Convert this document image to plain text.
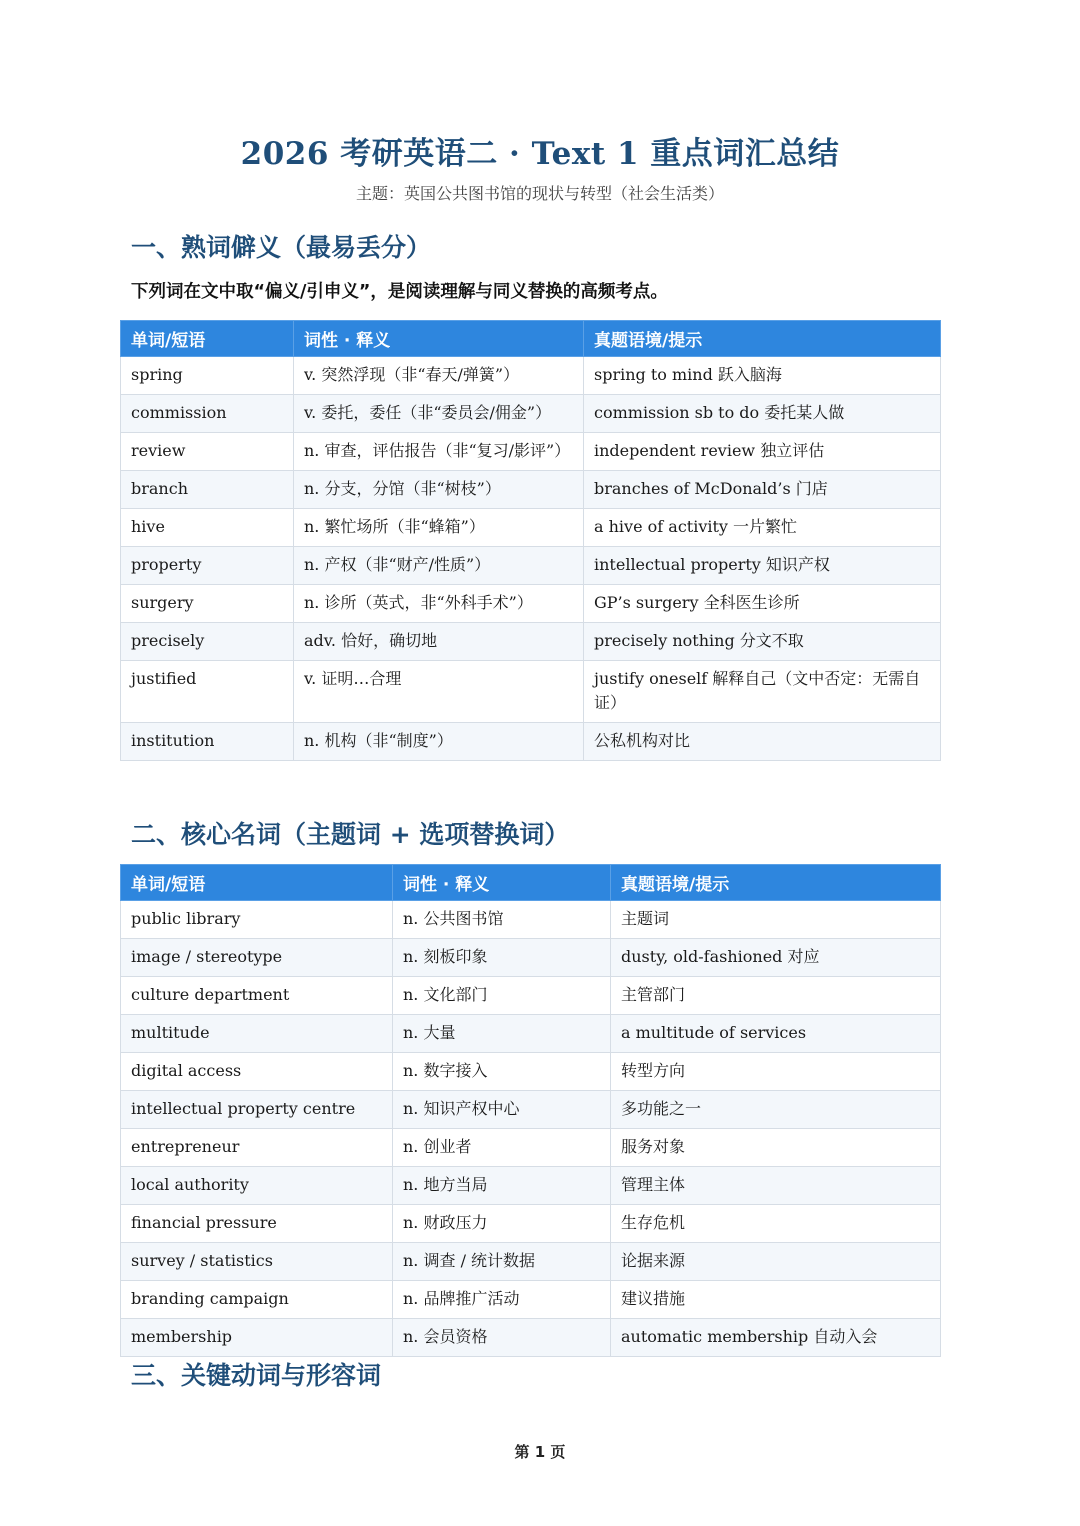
2026 考研英语二 · Text 1 重点词汇总结
主题：英国公共图书馆的现状与转型（社会生活类）
一、熟词僻义（最易丢分）
下列词在文中取“偏义/引申义”，是阅读理解与同义替换的高频考点。
单词/短语	词性 · 释义	真题语境/提示
spring	v. 突然浮现（非“春天/弹簧”）	spring to mind 跃入脑海
commission	v. 委托，委任（非“委员会/佣金”）	commission sb to do 委托某人做
review	n. 审查，评估报告（非“复习/影评”）	independent review 独立评估
branch	n. 分支，分馆（非“树枝”）	branches of McDonald’s 门店
hive	n. 繁忙场所（非“蜂箱”）	a hive of activity 一片繁忙
property	n. 产权（非“财产/性质”）	intellectual property 知识产权
surgery	n. 诊所（英式，非“外科手术”）	GP’s surgery 全科医生诊所
precisely	adv. 恰好，确切地	precisely nothing 分文不取
justified	v. 证明…合理	justify oneself 解释自己（文中否定：无需自证）
institution	n. 机构（非“制度”）	公私机构对比
二、核心名词（主题词 + 选项替换词）
单词/短语	词性 · 释义	真题语境/提示
public library	n. 公共图书馆	主题词
image / stereotype	n. 刻板印象	dusty, old-fashioned 对应
culture department	n. 文化部门	主管部门
multitude	n. 大量	a multitude of services
digital access	n. 数字接入	转型方向
intellectual property centre	n. 知识产权中心	多功能之一
entrepreneur	n. 创业者	服务对象
local authority	n. 地方当局	管理主体
financial pressure	n. 财政压力	生存危机
survey / statistics	n. 调查 / 统计数据	论据来源
branding campaign	n. 品牌推广活动	建议措施
membership	n. 会员资格	automatic membership 自动入会
三、关键动词与形容词
第 1 页
